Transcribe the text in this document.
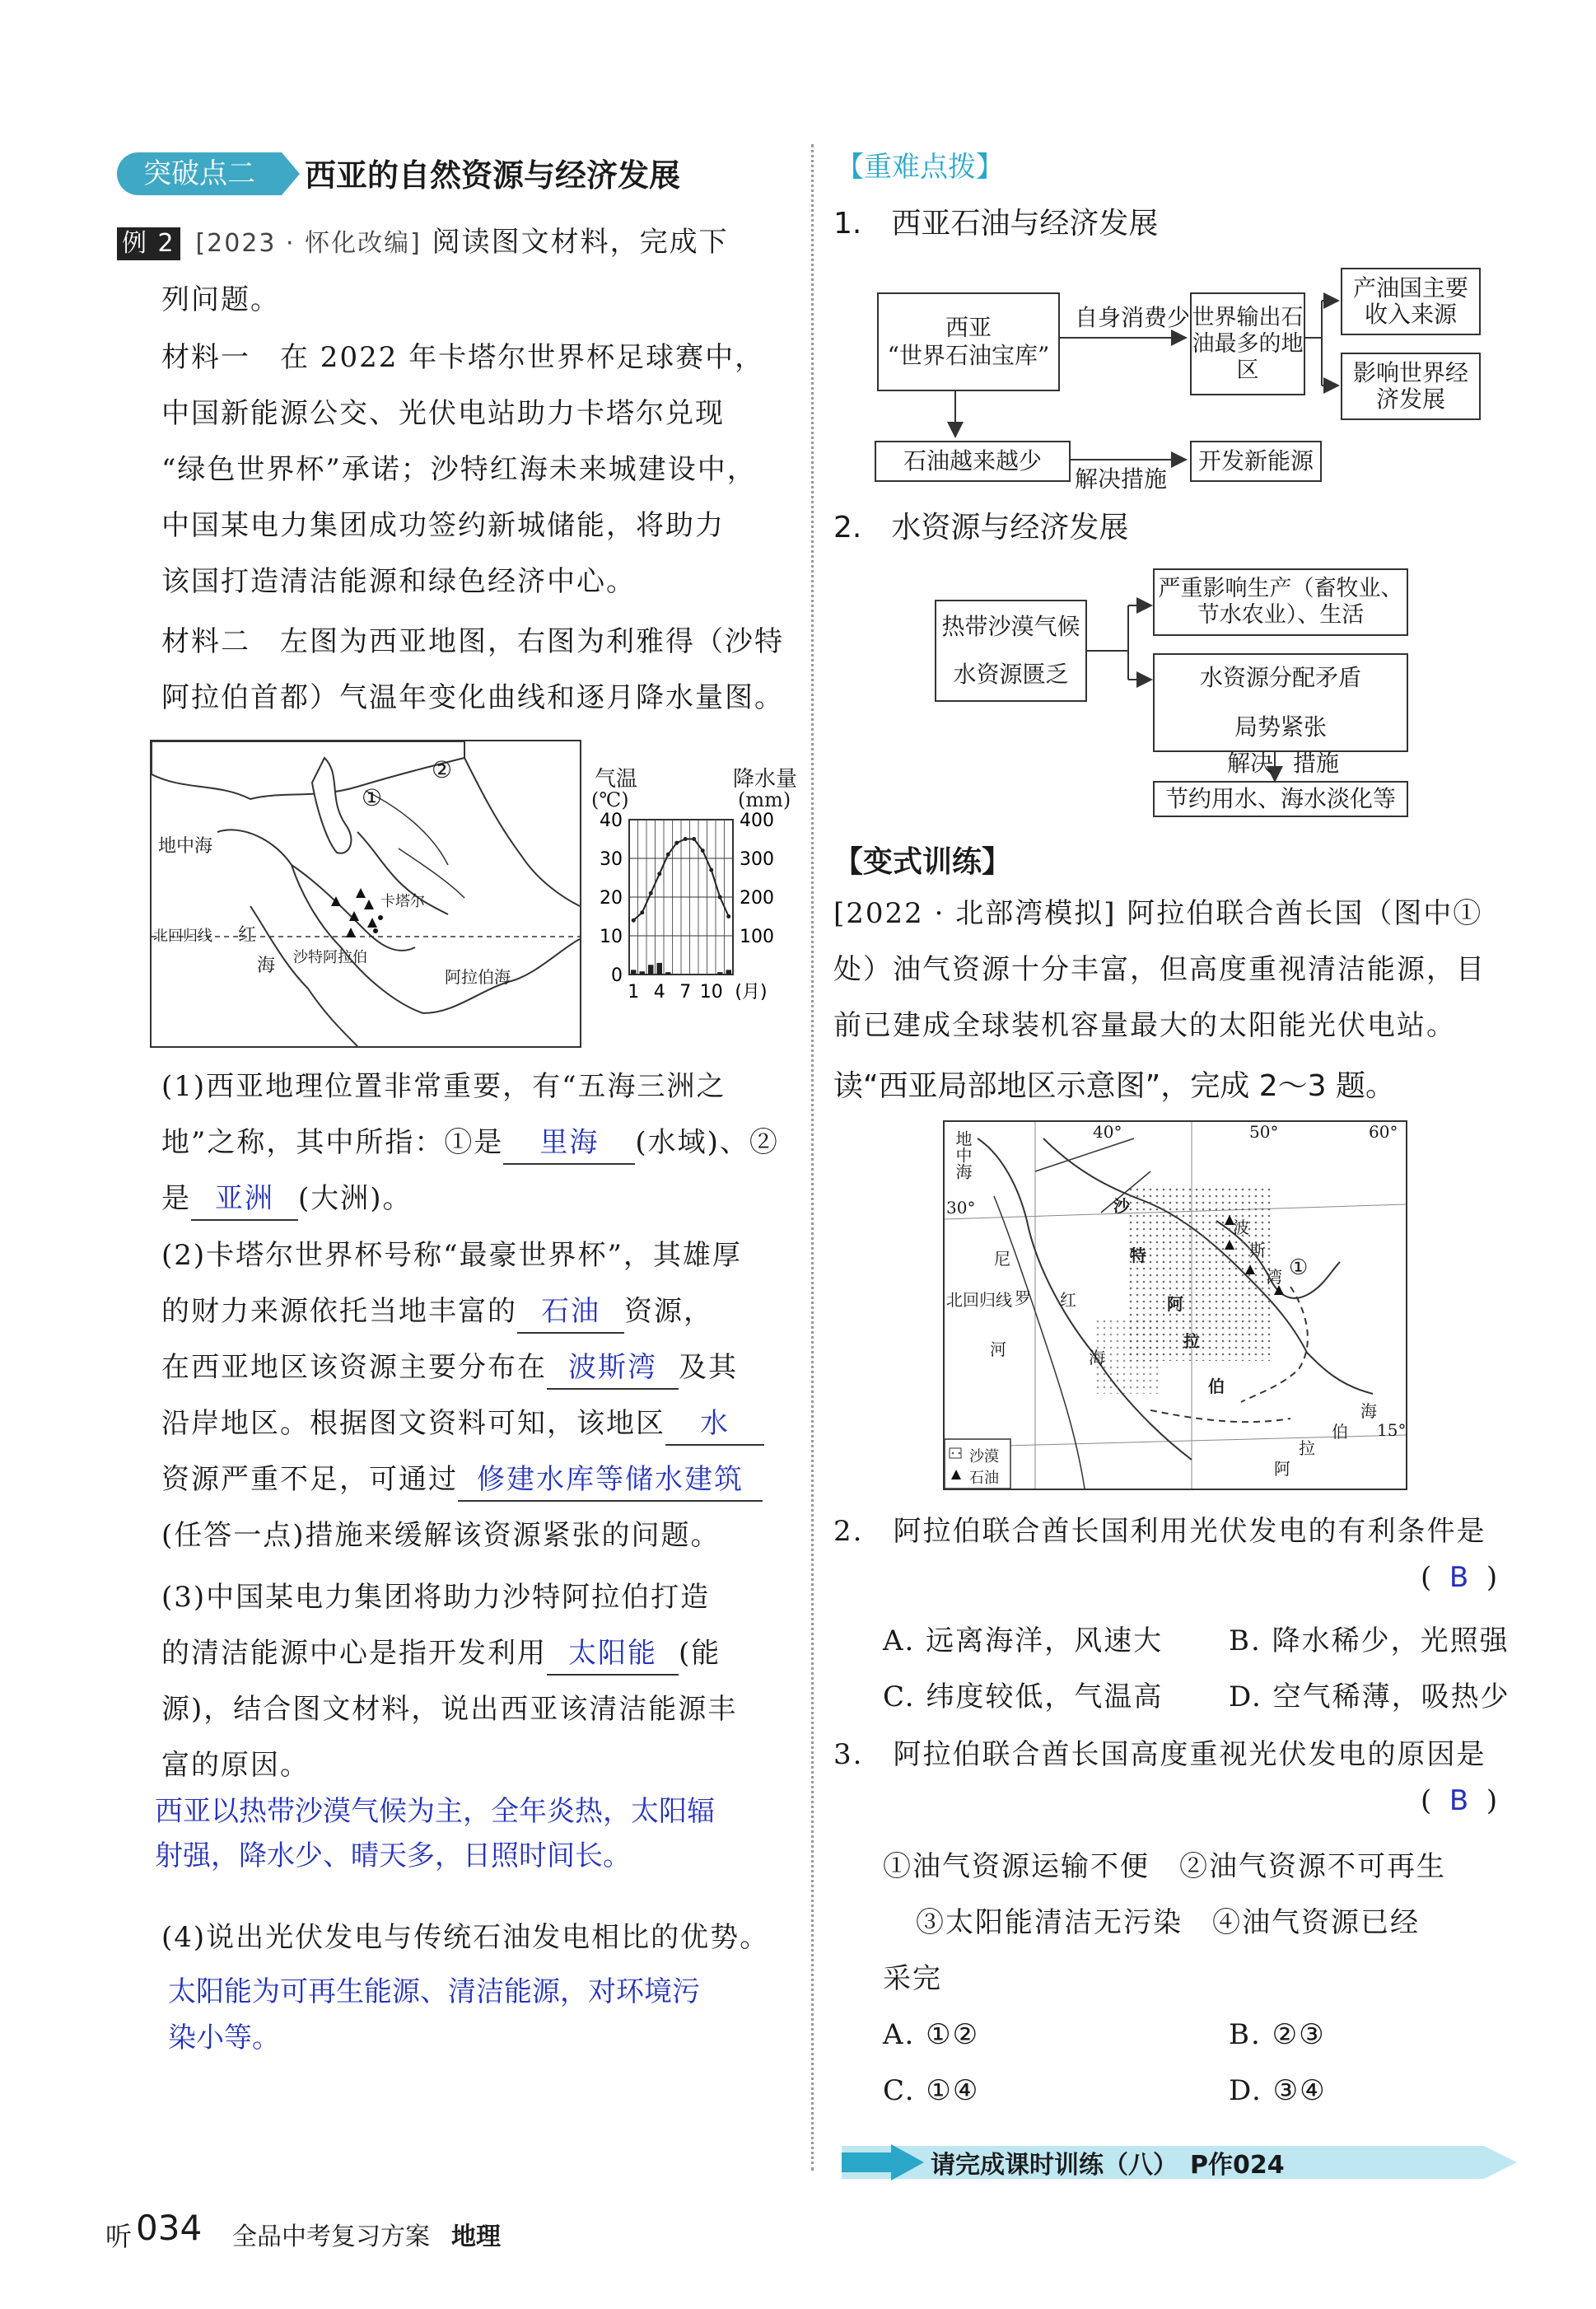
突破点二	西亚的自然资源与经济发展
例 2 [2023 · 怀化改编] 阅读图文材料，完成下
列问题。
材料一　在 2022 年卡塔尔世界杯足球赛中，
中国新能源公交、光伏电站助力卡塔尔兑现
“绿色世界杯”承诺；沙特红海未来城建设中，
中国某电力集团成功签约新城储能，将助力
该国打造清洁能源和绿色经济中心。
材料二　左图为西亚地图，右图为利雅得（沙特
阿拉伯首都）气温年变化曲线和逐月降水量图。
②
①
地中海
红
海
北回归线
卡塔尔
沙特阿拉伯
阿拉伯海
气温
(℃)
降水量
(mm)
40	400
30	300
20	200
10	100
0
1 4 7 10 (月)
(1)西亚地理位置非常重要，有“五海三洲之
地”之称，其中所指：①是 里海 (水域)、②
是 亚洲 (大洲)。
(2)卡塔尔世界杯号称“最豪世界杯”，其雄厚
的财力来源依托当地丰富的 石油 资源，
在西亚地区该资源主要分布在 波斯湾 及其
沿岸地区。根据图文资料可知，该地区 水
资源严重不足，可通过 修建水库等储水建筑
(任答一点)措施来缓解该资源紧张的问题。
(3)中国某电力集团将助力沙特阿拉伯打造
的清洁能源中心是指开发利用 太阳能 (能
源)，结合图文材料，说出西亚该清洁能源丰
富的原因。
西亚以热带沙漠气候为主，全年炎热，太阳辐
射强，降水少、晴天多，日照时间长。
(4)说出光伏发电与传统石油发电相比的优势。
太阳能为可再生能源、清洁能源，对环境污
染小等。
【重难点拨】
1.　西亚石油与经济发展
西亚
“世界石油宝库”
自身消费少 世界输出石油最多的地区
产油国主要收入来源
影响世界经济发展
石油越来越少
解决措施
开发新能源
2.　水资源与经济发展
热带沙漠气候
水资源匮乏
严重影响生产（畜牧业、节水农业）、生活
水资源分配矛盾
局势紧张
解决 措施
节约用水、海水淡化等
【变式训练】
[2022 · 北部湾模拟] 阿拉伯联合酋长国（图中①
处）油气资源十分丰富，但高度重视清洁能源，目
前已建成全球装机容量最大的太阳能光伏电站。
读“西亚局部地区示意图”，完成 2～3 题。
40°	50°	60°
30°
15°
北回归线
地中海
波
斯
湾
沙
特
阿
拉
伯
尼
罗
河
红
海
海
伯
拉
阿
①
沙漠
石油
2.　阿拉伯联合酋长国利用光伏发电的有利条件是
(  B  )
A. 远离海洋，风速大 B. 降水稀少，光照强
C. 纬度较低，气温高 D. 空气稀薄，吸热少
3.　阿拉伯联合酋长国高度重视光伏发电的原因是
(  B  )
①油气资源运输不便　②油气资源不可再生
③太阳能清洁无污染　④油气资源已经
采完
A. ①②	B. ②③
C. ①④	D. ③④
请完成课时训练（八）　P作024
听 034 全品中考复习方案 地理
